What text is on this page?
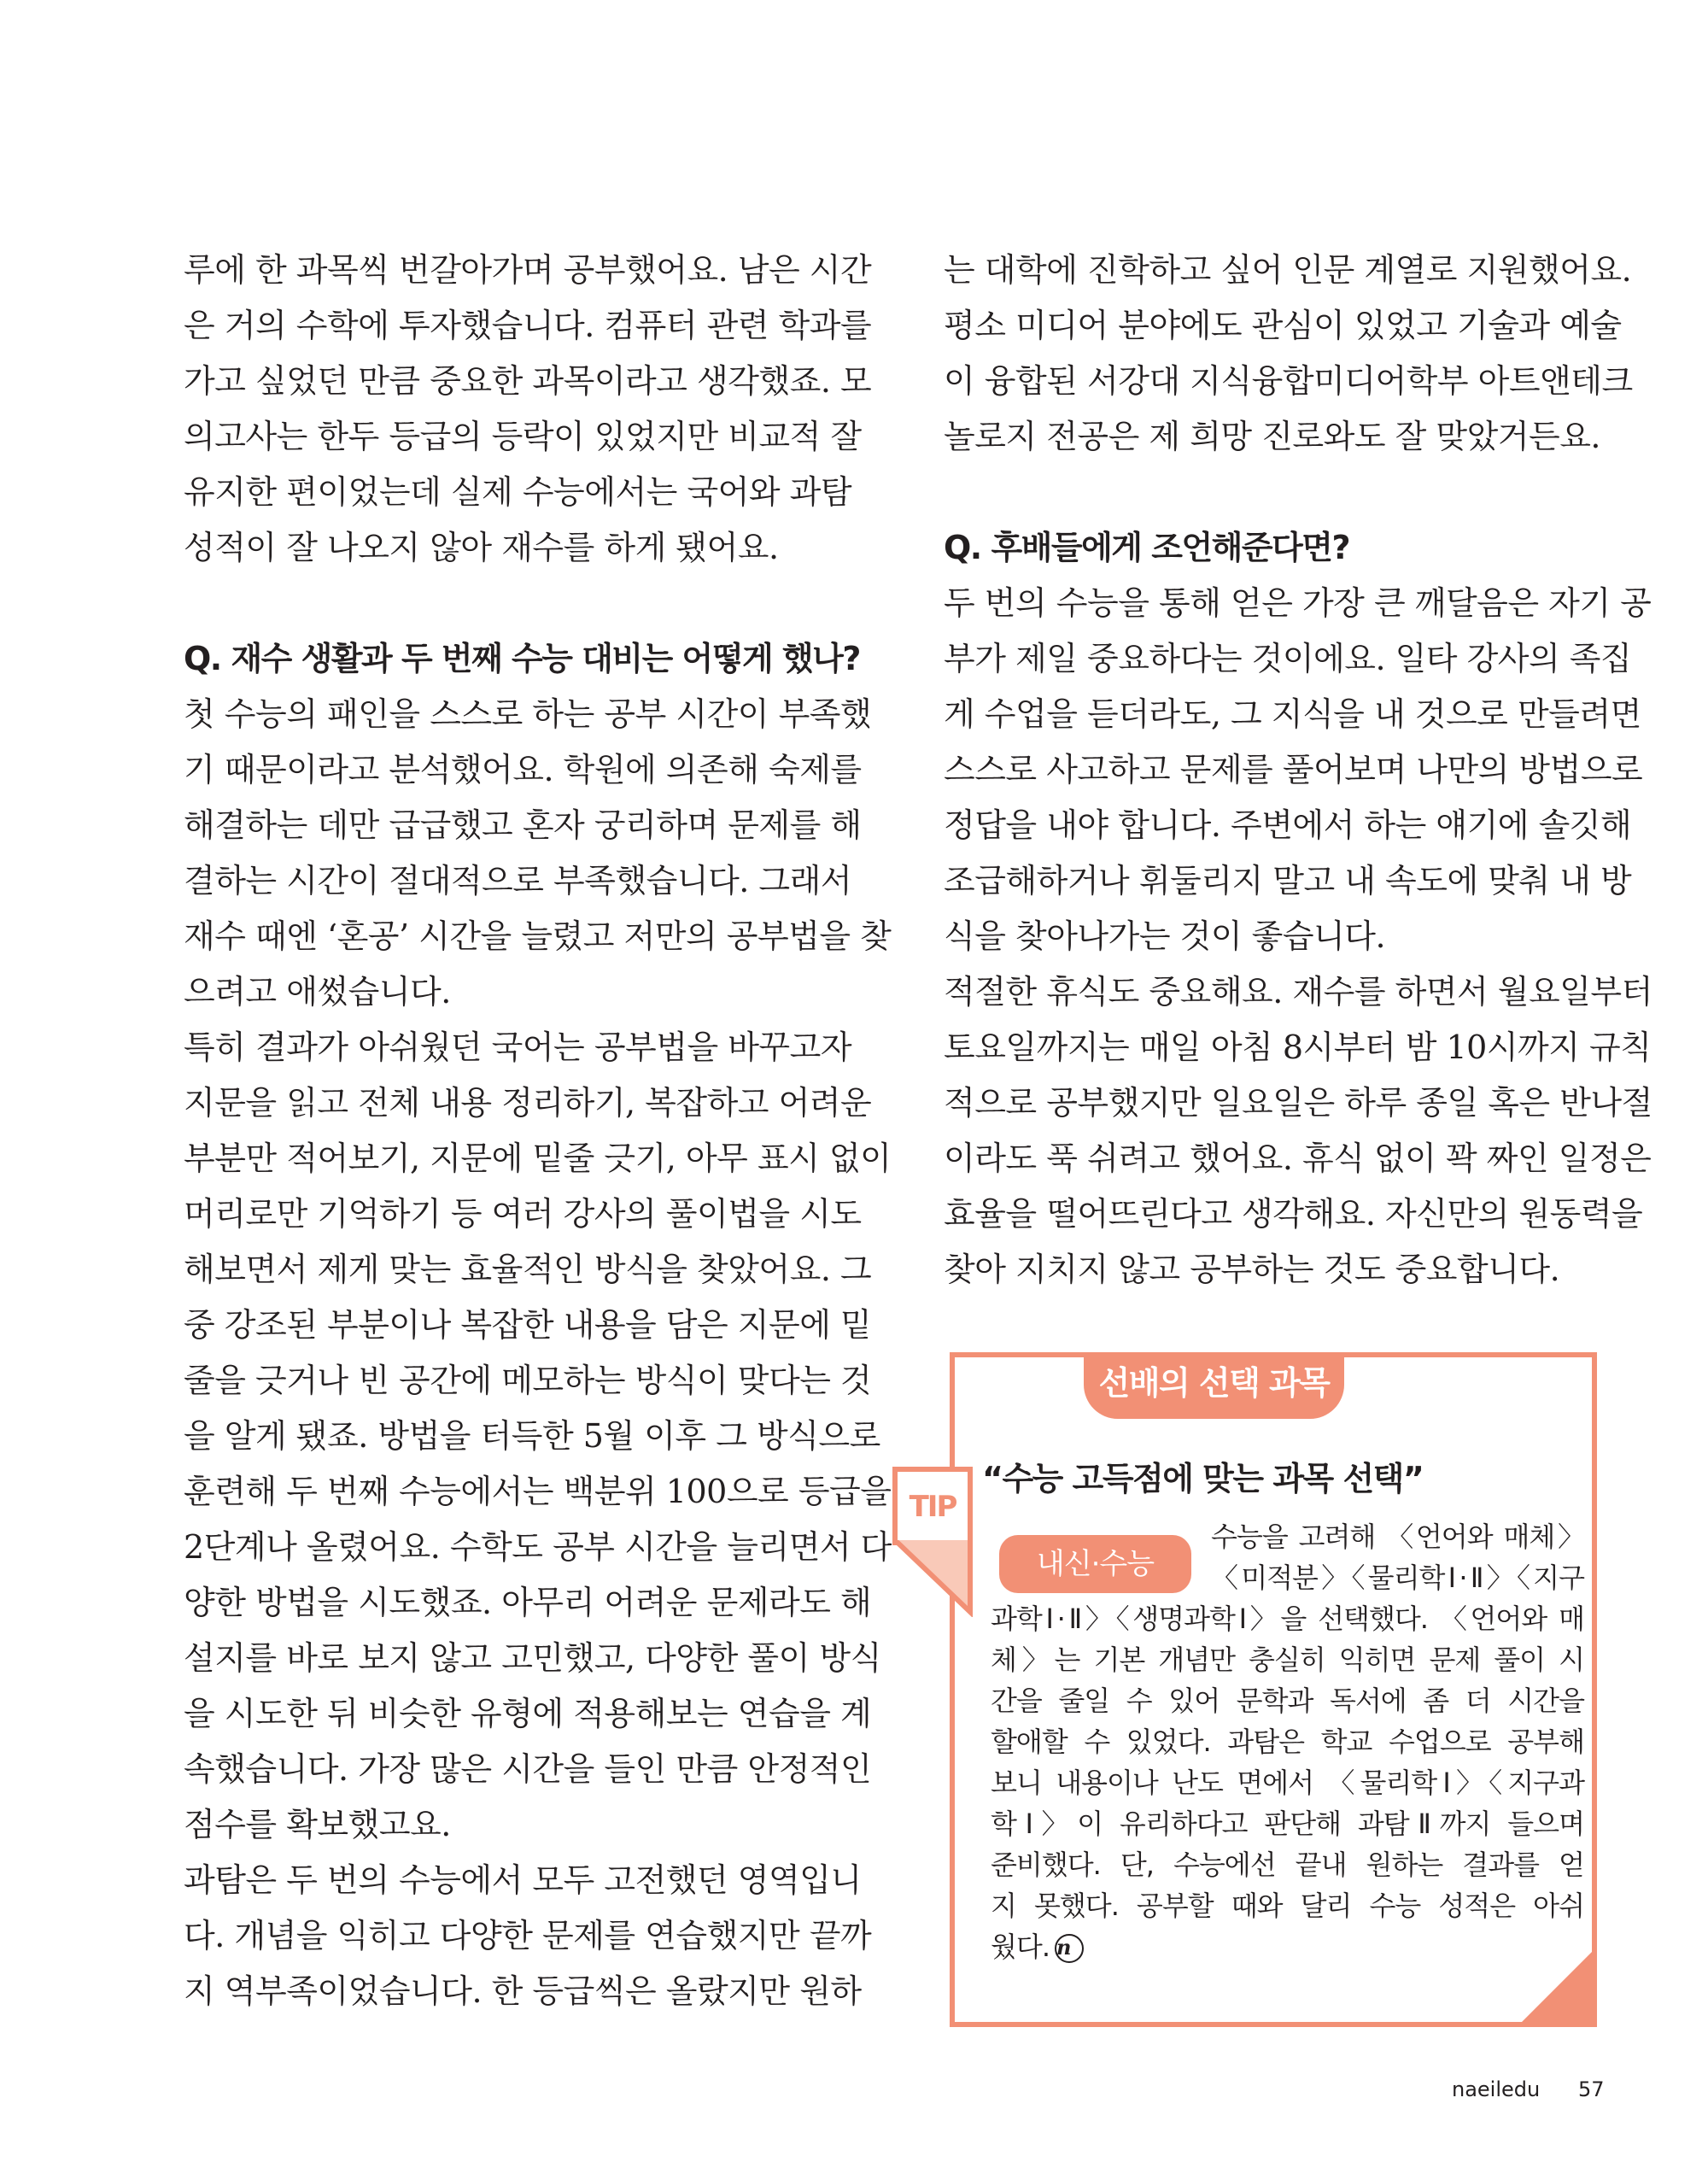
루에 한 과목씩 번갈아가며 공부했어요. 남은 시간
은 거의 수학에 투자했습니다. 컴퓨터 관련 학과를
가고 싶었던 만큼 중요한 과목이라고 생각했죠. 모
의고사는 한두 등급의 등락이 있었지만 비교적 잘
유지한 편이었는데 실제 수능에서는 국어와 과탐
성적이 잘 나오지 않아 재수를 하게 됐어요.
Q. 재수 생활과 두 번째 수능 대비는 어떻게 했나?
첫 수능의 패인을 스스로 하는 공부 시간이 부족했
기 때문이라고 분석했어요. 학원에 의존해 숙제를
해결하는 데만 급급했고 혼자 궁리하며 문제를 해
결하는 시간이 절대적으로 부족했습니다. 그래서
재수 때엔 ‘혼공’ 시간을 늘렸고 저만의 공부법을 찾
으려고 애썼습니다.
특히 결과가 아쉬웠던 국어는 공부법을 바꾸고자
지문을 읽고 전체 내용 정리하기, 복잡하고 어려운
부분만 적어보기, 지문에 밑줄 긋기, 아무 표시 없이
머리로만 기억하기 등 여러 강사의 풀이법을 시도
해보면서 제게 맞는 효율적인 방식을 찾았어요. 그
중 강조된 부분이나 복잡한 내용을 담은 지문에 밑
줄을 긋거나 빈 공간에 메모하는 방식이 맞다는 것
을 알게 됐죠. 방법을 터득한 5월 이후 그 방식으로
훈련해 두 번째 수능에서는 백분위 100으로 등급을
2단계나 올렸어요. 수학도 공부 시간을 늘리면서 다
양한 방법을 시도했죠. 아무리 어려운 문제라도 해
설지를 바로 보지 않고 고민했고, 다양한 풀이 방식
을 시도한 뒤 비슷한 유형에 적용해보는 연습을 계
속했습니다. 가장 많은 시간을 들인 만큼 안정적인
점수를 확보했고요.
과탐은 두 번의 수능에서 모두 고전했던 영역입니
다. 개념을 익히고 다양한 문제를 연습했지만 끝까
지 역부족이었습니다. 한 등급씩은 올랐지만 원하
는 대학에 진학하고 싶어 인문 계열로 지원했어요.
평소 미디어 분야에도 관심이 있었고 기술과 예술
이 융합된 서강대 지식융합미디어학부 아트앤테크
놀로지 전공은 제 희망 진로와도 잘 맞았거든요.
Q. 후배들에게 조언해준다면?
두 번의 수능을 통해 얻은 가장 큰 깨달음은 자기 공
부가 제일 중요하다는 것이에요. 일타 강사의 족집
게 수업을 듣더라도, 그 지식을 내 것으로 만들려면
스스로 사고하고 문제를 풀어보며 나만의 방법으로
정답을 내야 합니다. 주변에서 하는 얘기에 솔깃해
조급해하거나 휘둘리지 말고 내 속도에 맞춰 내 방
식을 찾아나가는 것이 좋습니다.
적절한 휴식도 중요해요. 재수를 하면서 월요일부터
토요일까지는 매일 아침 8시부터 밤 10시까지 규칙
적으로 공부했지만 일요일은 하루 종일 혹은 반나절
이라도 푹 쉬려고 했어요. 휴식 없이 꽉 짜인 일정은
효율을 떨어뜨린다고 생각해요. 자신만의 원동력을
찾아 지치지 않고 공부하는 것도 중요합니다.
선배의 선택 과목
TIP
“수능 고득점에 맞는 과목 선택”
내신·수능
수능을 고려해 〈언어와 매체〉
〈미적분〉〈물리학Ⅰ·Ⅱ〉〈지구
과학Ⅰ·Ⅱ〉〈생명과학Ⅰ〉을 선택했다. 〈언어와 매
체〉는 기본 개념만 충실히 익히면 문제 풀이 시
간을 줄일 수 있어 문학과 독서에 좀 더 시간을
할애할 수 있었다. 과탐은 학교 수업으로 공부해
보니 내용이나 난도 면에서 〈물리학Ⅰ〉〈지구과
학Ⅰ〉이 유리하다고 판단해 과탐Ⅱ까지 들으며
준비했다. 단, 수능에선 끝내 원하는 결과를 얻
지 못했다. 공부할 때와 달리 수능 성적은 아쉬
웠다. n
naeiledu 57
